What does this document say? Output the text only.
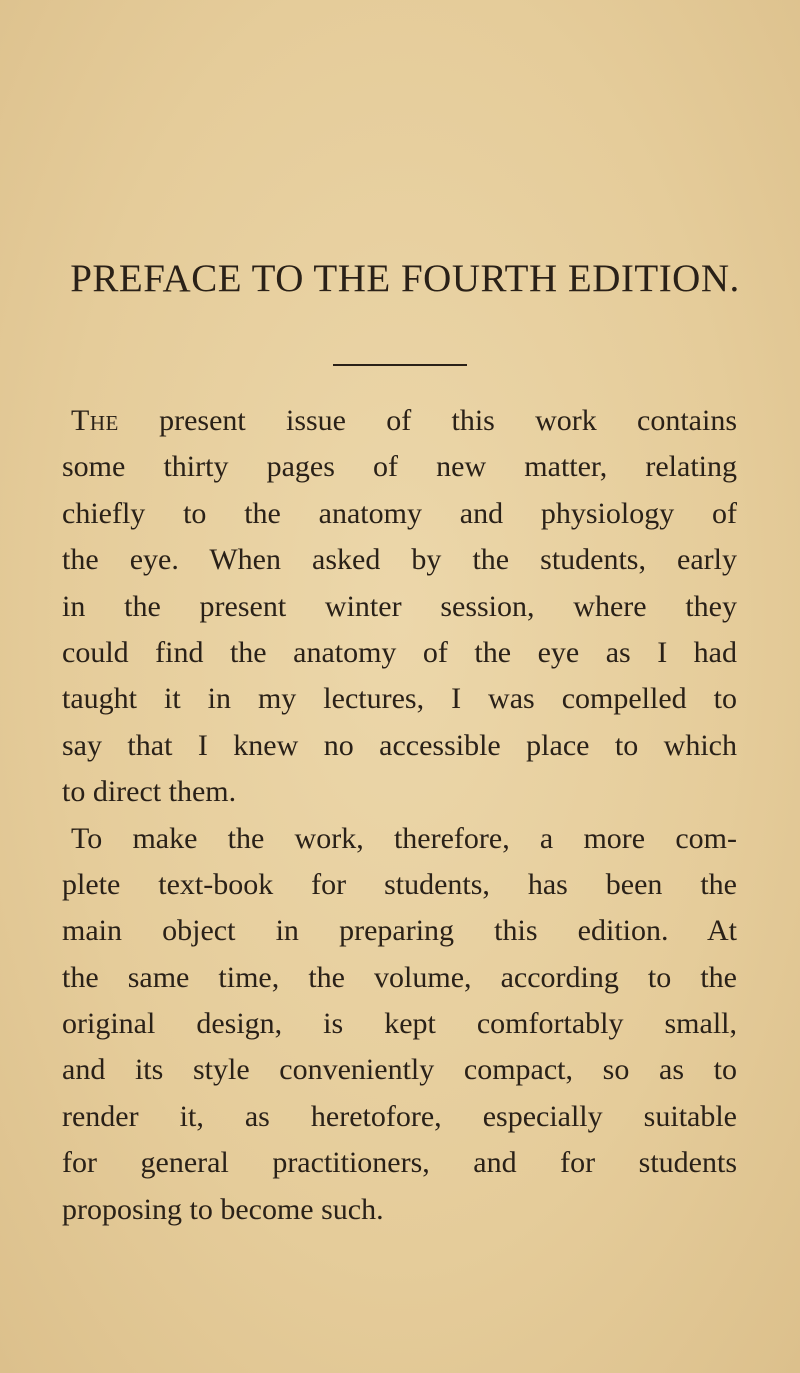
PREFACE TO THE FOURTH EDITION.
The present issue of this work contains
some thirty pages of new matter, relating
chiefly to the anatomy and physiology of
the eye. When asked by the students, early
in the present winter session, where they
could find the anatomy of the eye as I had
taught it in my lectures, I was compelled to
say that I knew no accessible place to which
to direct them.
To make the work, therefore, a more com-
plete text-book for students, has been the
main object in preparing this edition. At
the same time, the volume, according to the
original design, is kept comfortably small,
and its style conveniently compact, so as to
render it, as heretofore, especially suitable
for general practitioners, and for students
proposing to become such.
